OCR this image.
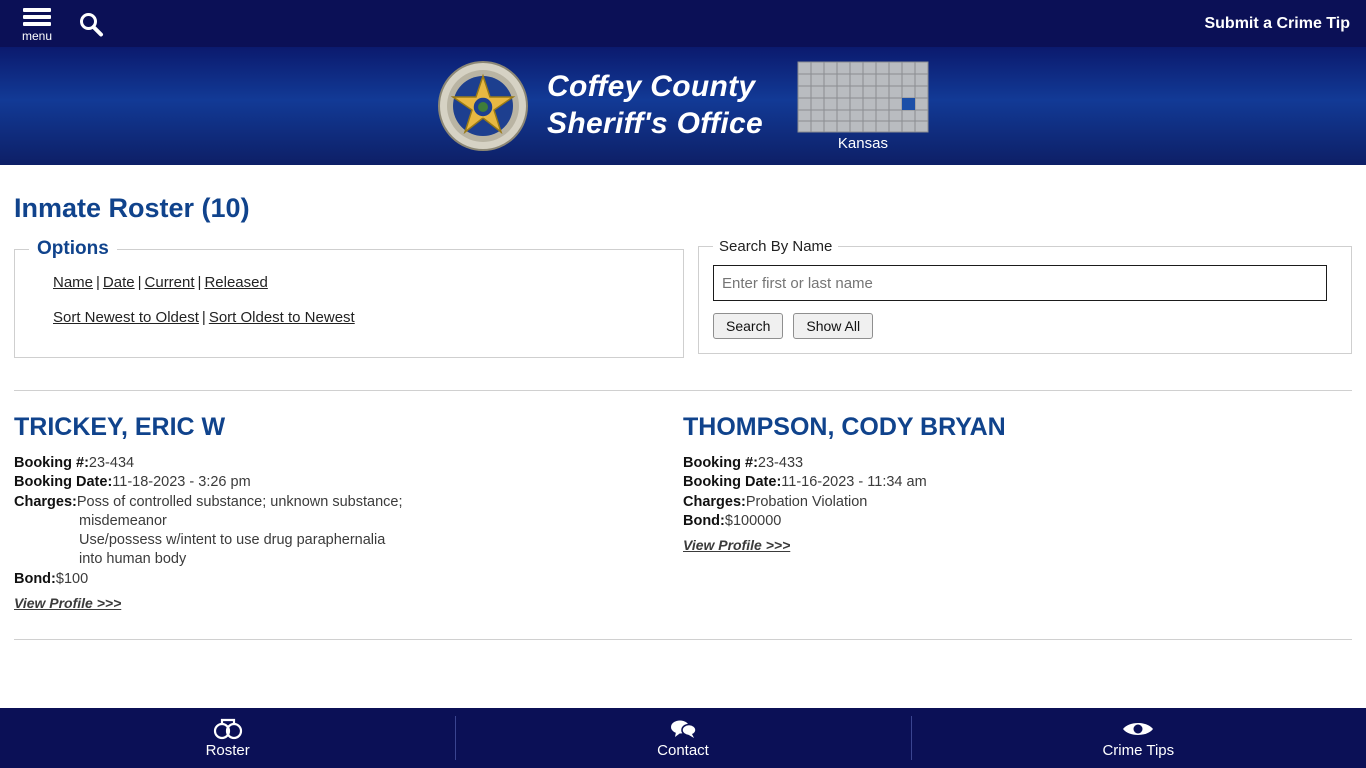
menu
Submit a Crime Tip
Coffey County
Sheriff's Office
Kansas
Inmate Roster (10)
Options
Name | Date | Current | Released
Sort Newest to Oldest | Sort Oldest to Newest
Search By Name
Enter first or last name
Search	Show All
TRICKEY, ERIC W
Booking #:23-434
Booking Date:11-18-2023 - 3:26 pm
Charges:Poss of controlled substance; unknown substance;
misdemeanor
Use/possess w/intent to use drug paraphernalia
into human body
Bond:$100
View Profile >>>
THOMPSON, CODY BRYAN
Booking #:23-433
Booking Date:11-16-2023 - 11:34 am
Charges:Probation Violation
Bond:$100000
View Profile >>>
Roster	Contact	Crime Tips
